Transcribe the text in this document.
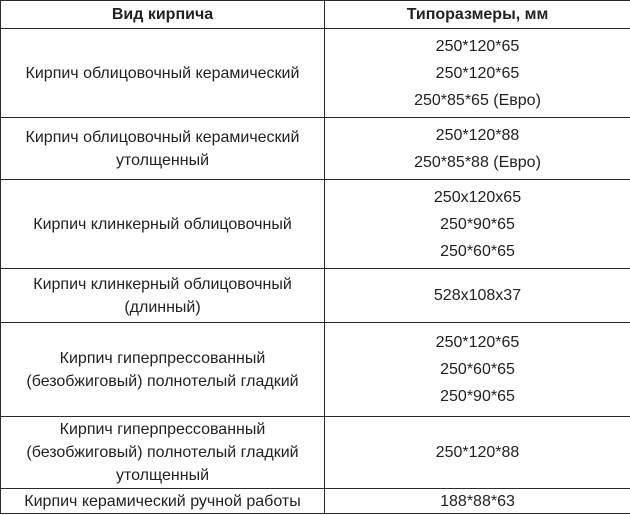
Вид кирпича	Типоразмеры, мм
Кирпич облицовочный керамический	250*120*65
250*120*65
250*85*65 (Евро)

Кирпич облицовочный керамический
утолщенный	250*120*88
250*85*88 (Евро)

Кирпич клинкерный облицовочный	250x120x65
250*90*65
250*60*65

Кирпич клинкерный облицовочный
(длинный)	528x108x37
Кирпич гиперпрессованный
(безобжиговый) полнотелый гладкий	250*120*65
250*60*65
250*90*65

Кирпич гиперпрессованный
(безобжиговый) полнотелый гладкий
утолщенный	250*120*88
Кирпич керамический ручной работы	188*88*63
